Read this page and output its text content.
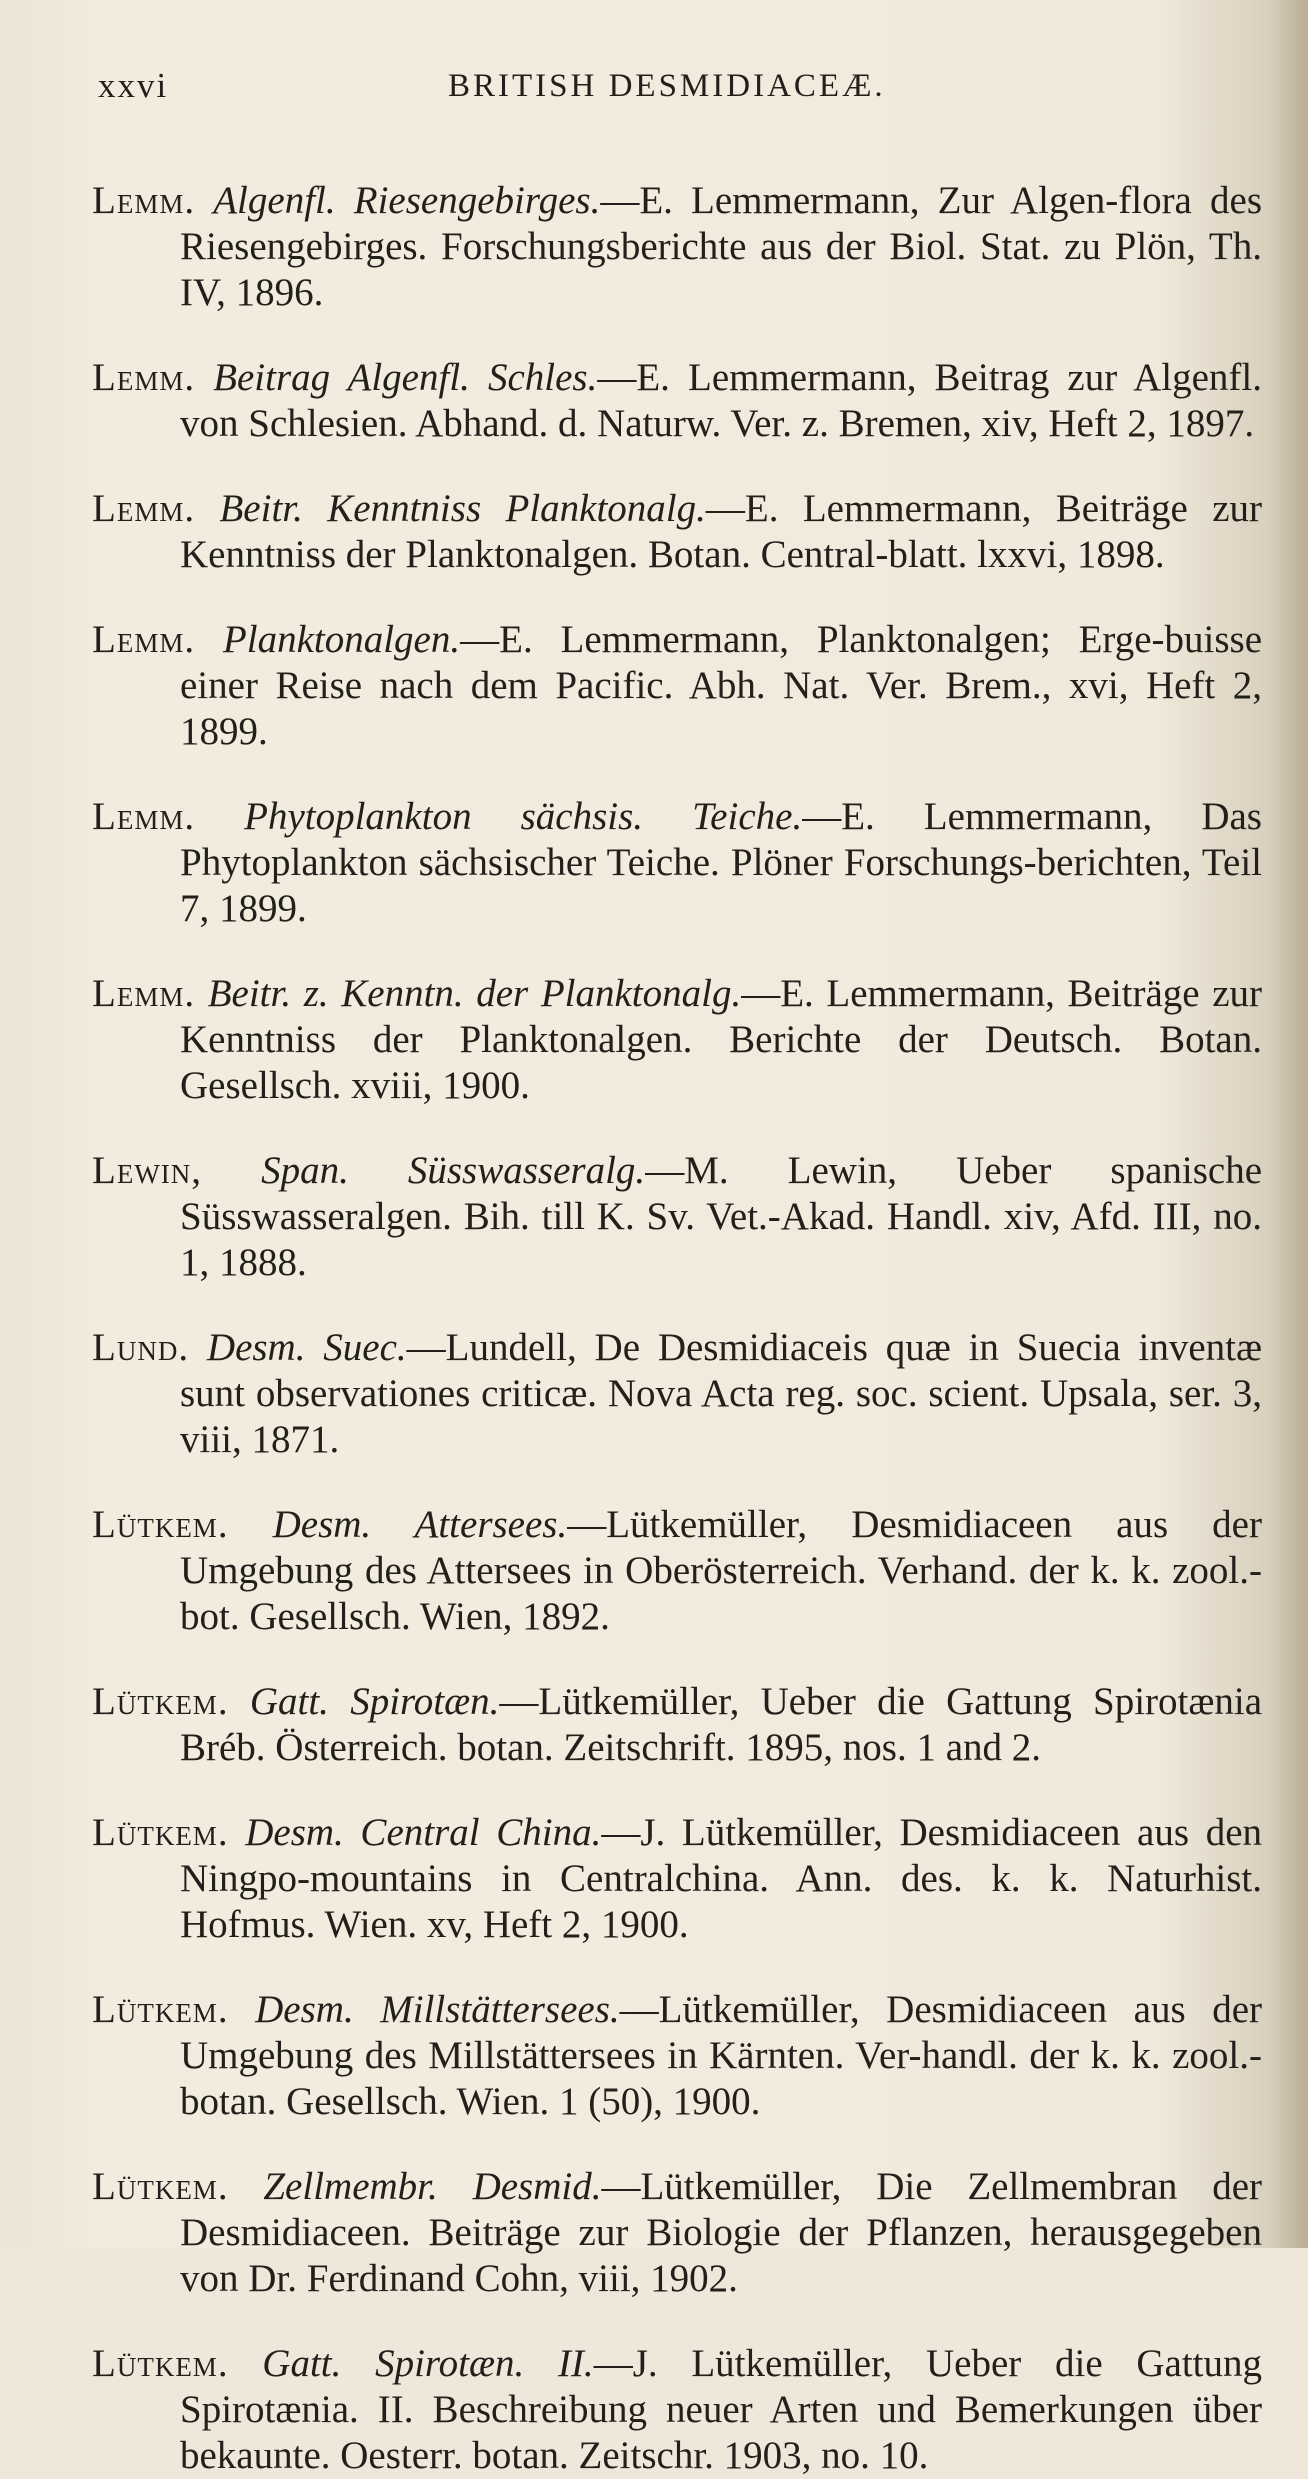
xxvi	BRITISH DESMIDIACEÆ.

Lemm. Algenfl. Riesengebirges.—E. Lemmermann, Zur Algen-flora des Riesengebirges. Forschungsberichte aus der Biol. Stat. zu Plön, Th. IV, 1896.

Lemm. Beitrag Algenfl. Schles.—E. Lemmermann, Beitrag zur Algenfl. von Schlesien. Abhand. d. Naturw. Ver. z. Bremen, xiv, Heft 2, 1897.

Lemm. Beitr. Kenntniss Planktonalg.—E. Lemmermann, Beiträge zur Kenntniss der Planktonalgen. Botan. Central-blatt. lxxvi, 1898.

Lemm. Planktonalgen.—E. Lemmermann, Planktonalgen; Erge-buisse einer Reise nach dem Pacific. Abh. Nat. Ver. Brem., xvi, Heft 2, 1899.

Lemm. Phytoplankton sächsis. Teiche.—E. Lemmermann, Das Phytoplankton sächsischer Teiche. Plöner Forschungs-berichten, Teil 7, 1899.

Lemm. Beitr. z. Kenntn. der Planktonalg.—E. Lemmermann, Beiträge zur Kenntniss der Planktonalgen. Berichte der Deutsch. Botan. Gesellsch. xviii, 1900.

Lewin, Span. Süsswasseralg.—M. Lewin, Ueber spanische Süsswasseralgen. Bih. till K. Sv. Vet.-Akad. Handl. xiv, Afd. III, no. 1, 1888.

Lund. Desm. Suec.—Lundell, De Desmidiaceis quæ in Suecia inventæ sunt observationes criticæ. Nova Acta reg. soc. scient. Upsala, ser. 3, viii, 1871.

Lütkem. Desm. Attersees.—Lütkemüller, Desmidiaceen aus der Umgebung des Attersees in Oberösterreich. Verhand. der k. k. zool.-bot. Gesellsch. Wien, 1892.

Lütkem. Gatt. Spirotæn.—Lütkemüller, Ueber die Gattung Spirotænia Bréb. Österreich. botan. Zeitschrift. 1895, nos. 1 and 2.

Lütkem. Desm. Central China.—J. Lütkemüller, Desmidiaceen aus den Ningpo-mountains in Centralchina. Ann. des. k. k. Naturhist. Hofmus. Wien. xv, Heft 2, 1900.

Lütkem. Desm. Millstättersees.—Lütkemüller, Desmidiaceen aus der Umgebung des Millstättersees in Kärnten. Ver-handl. der k. k. zool.-botan. Gesellsch. Wien. 1 (50), 1900.

Lütkem. Zellmembr. Desmid.—Lütkemüller, Die Zellmembran der Desmidiaceen. Beiträge zur Biologie der Pflanzen, herausgegeben von Dr. Ferdinand Cohn, viii, 1902.

Lütkem. Gatt. Spirotæn. II.—J. Lütkemüller, Ueber die Gattung Spirotænia. II. Beschreibung neuer Arten und Bemerkungen über bekaunte. Oesterr. botan. Zeitschr. 1903, no. 10.
